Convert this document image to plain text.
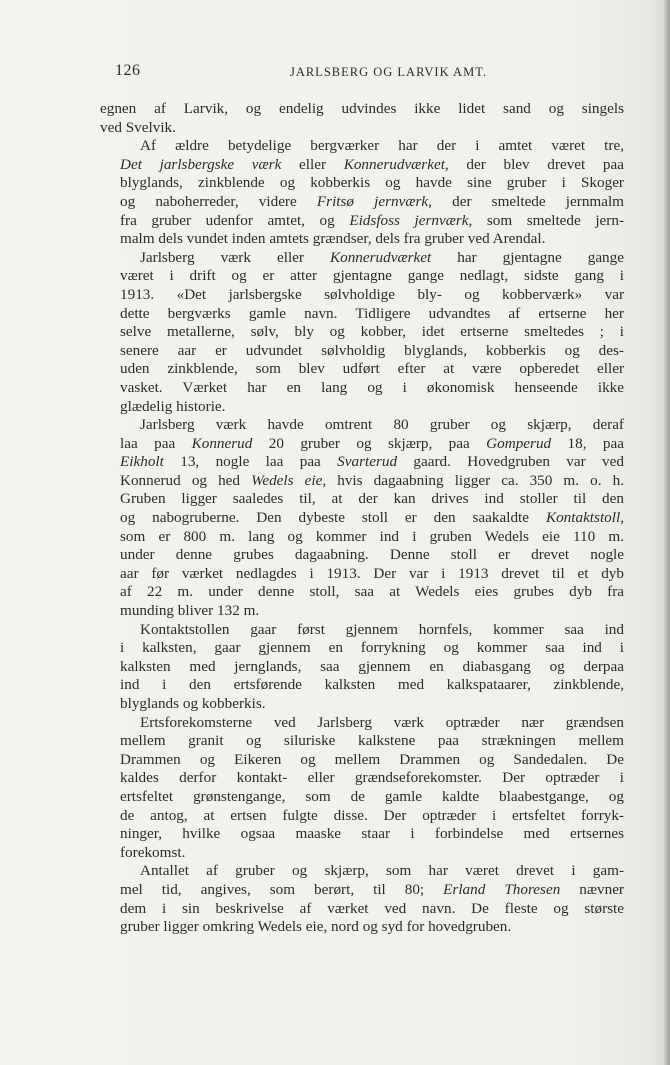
126	JARLSBERG OG LARVIK AMT.
egnen af Larvik, og endelig udvindes ikke lidet sand og singels
ved Svelvik.
Af ældre betydelige bergværker har der i amtet været tre,
Det jarlsbergske værk eller Konnerudværket, der blev drevet paa
blyglands, zinkblende og kobberkis og havde sine gruber i Skoger
og naboherreder, videre Fritsø jernværk, der smeltede jernmalm
fra gruber udenfor amtet, og Eidsfoss jernværk, som smeltede jern-
malm dels vundet inden amtets grændser, dels fra gruber ved Arendal.
Jarlsberg værk eller Konnerudværket har gjentagne gange
været i drift og er atter gjentagne gange nedlagt, sidste gang i
1913. «Det jarlsbergske sølvholdige bly- og kobberværk» var
dette bergværks gamle navn. Tidligere udvandtes af ertserne her
selve metallerne, sølv, bly og kobber, idet ertserne smeltedes ; i
senere aar er udvundet sølvholdig blyglands, kobberkis og des-
uden zinkblende, som blev udført efter at være opberedet eller
vasket. Værket har en lang og i økonomisk henseende ikke
glædelig historie.
Jarlsberg værk havde omtrent 80 gruber og skjærp, deraf
laa paa Konnerud 20 gruber og skjærp, paa Gomperud 18, paa
Eikholt 13, nogle laa paa Svarterud gaard. Hovedgruben var ved
Konnerud og hed Wedels eie, hvis dagaabning ligger ca. 350 m. o. h.
Gruben ligger saaledes til, at der kan drives ind stoller til den
og nabogruberne. Den dybeste stoll er den saakaldte Kontaktstoll,
som er 800 m. lang og kommer ind i gruben Wedels eie 110 m.
under denne grubes dagaabning. Denne stoll er drevet nogle
aar før værket nedlagdes i 1913. Der var i 1913 drevet til et dyb
af 22 m. under denne stoll, saa at Wedels eies grubes dyb fra
munding bliver 132 m.
Kontaktstollen gaar først gjennem hornfels, kommer saa ind
i kalksten, gaar gjennem en forrykning og kommer saa ind i
kalksten med jernglands, saa gjennem en diabasgang og derpaa
ind i den ertsførende kalksten med kalkspataarer, zinkblende,
blyglands og kobberkis.
Ertsforekomsterne ved Jarlsberg værk optræder nær grændsen
mellem granit og siluriske kalkstene paa strækningen mellem
Drammen og Eikeren og mellem Drammen og Sandedalen. De
kaldes derfor kontakt- eller grændseforekomster. Der optræder i
ertsfeltet grønstengange, som de gamle kaldte blaabestgange, og
de antog, at ertsen fulgte disse. Der optræder i ertsfeltet forryk-
ninger, hvilke ogsaa maaske staar i forbindelse med ertsernes
forekomst.
Antallet af gruber og skjærp, som har været drevet i gam-
mel tid, angives, som berørt, til 80; Erland Thoresen nævner
dem i sin beskrivelse af værket ved navn. De fleste og største
gruber ligger omkring Wedels eie, nord og syd for hovedgruben.
